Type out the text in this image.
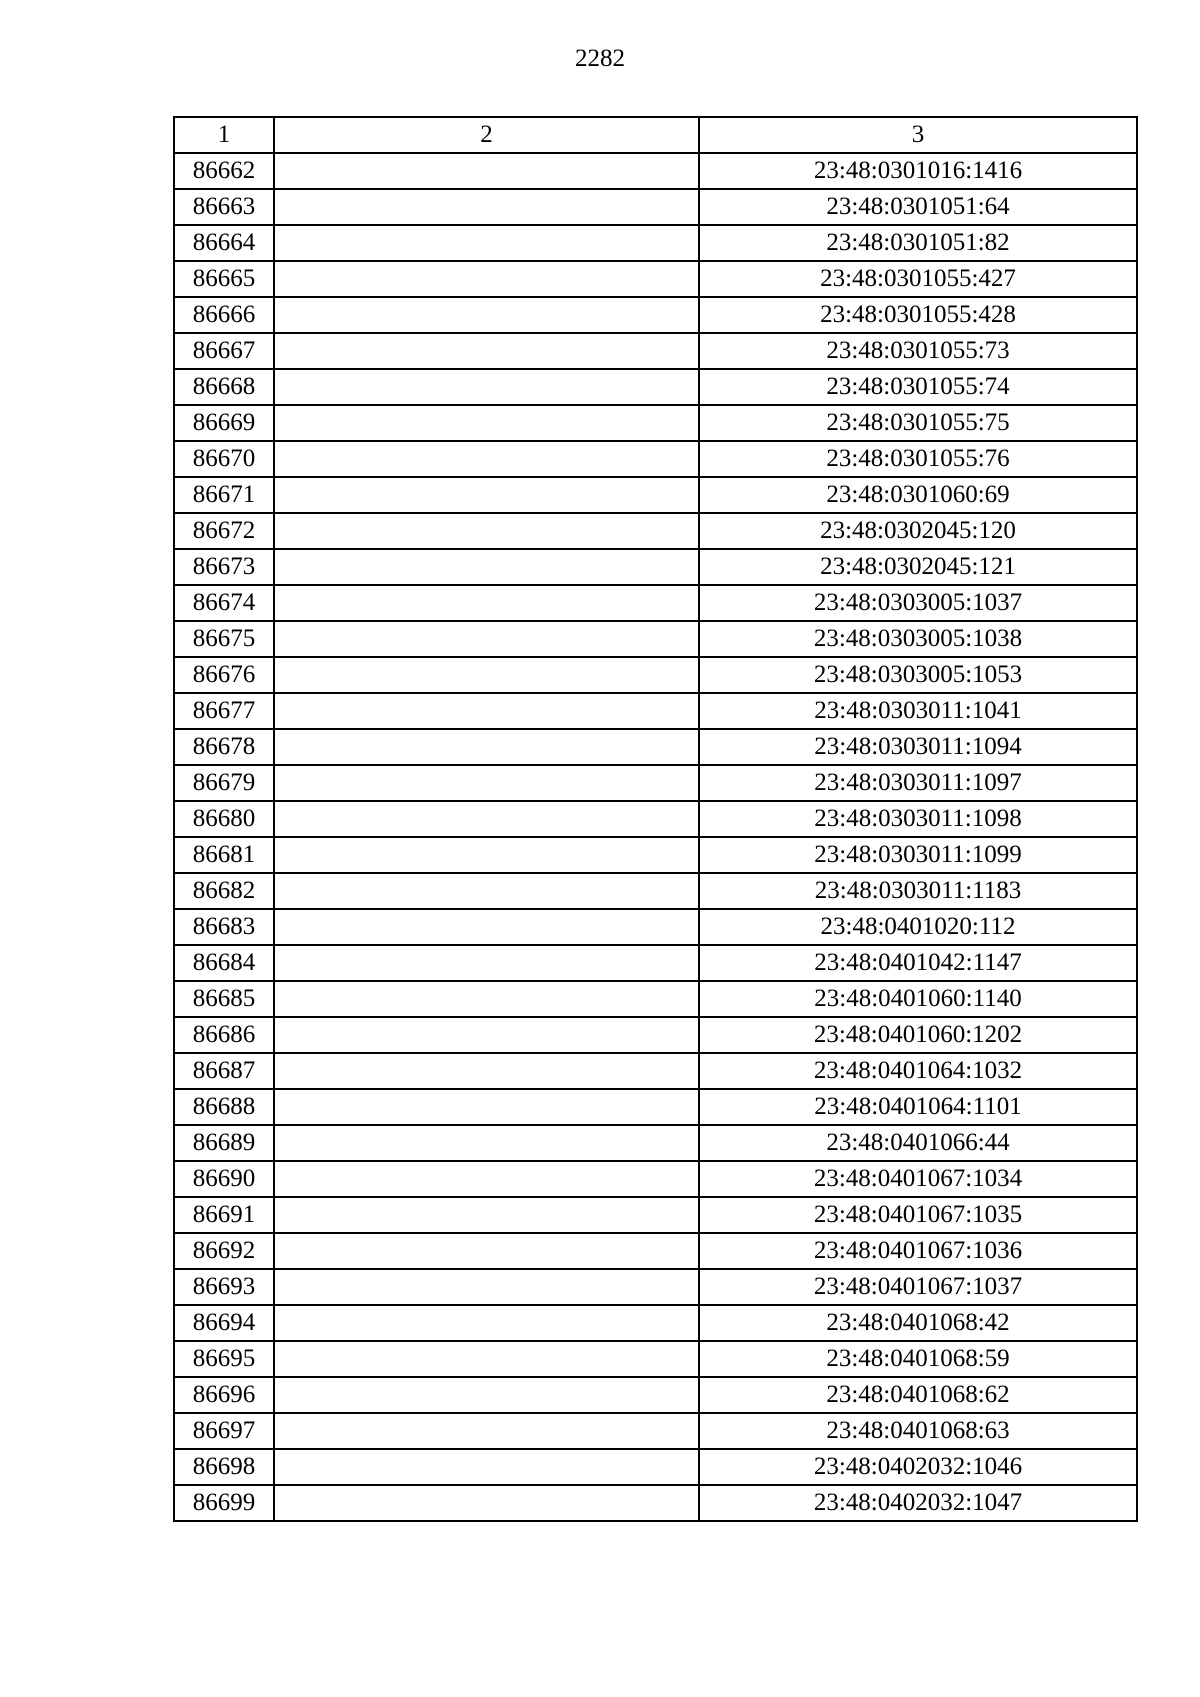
2282
1	2	3
86662		23:48:0301016:1416
86663		23:48:0301051:64
86664		23:48:0301051:82
86665		23:48:0301055:427
86666		23:48:0301055:428
86667		23:48:0301055:73
86668		23:48:0301055:74
86669		23:48:0301055:75
86670		23:48:0301055:76
86671		23:48:0301060:69
86672		23:48:0302045:120
86673		23:48:0302045:121
86674		23:48:0303005:1037
86675		23:48:0303005:1038
86676		23:48:0303005:1053
86677		23:48:0303011:1041
86678		23:48:0303011:1094
86679		23:48:0303011:1097
86680		23:48:0303011:1098
86681		23:48:0303011:1099
86682		23:48:0303011:1183
86683		23:48:0401020:112
86684		23:48:0401042:1147
86685		23:48:0401060:1140
86686		23:48:0401060:1202
86687		23:48:0401064:1032
86688		23:48:0401064:1101
86689		23:48:0401066:44
86690		23:48:0401067:1034
86691		23:48:0401067:1035
86692		23:48:0401067:1036
86693		23:48:0401067:1037
86694		23:48:0401068:42
86695		23:48:0401068:59
86696		23:48:0401068:62
86697		23:48:0401068:63
86698		23:48:0402032:1046
86699		23:48:0402032:1047
